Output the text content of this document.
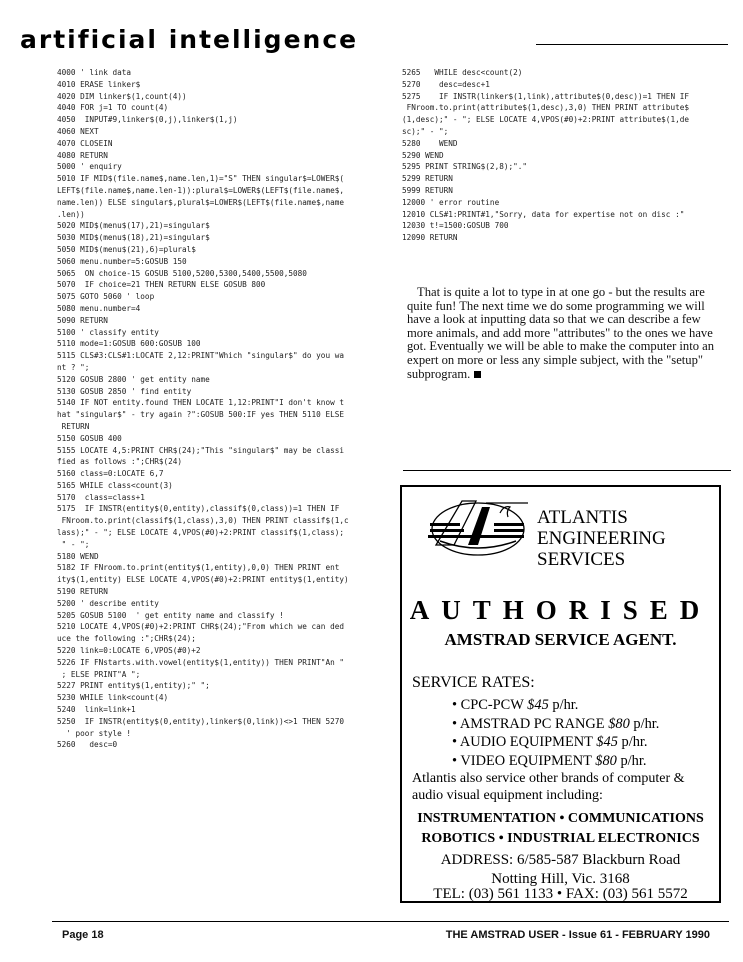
artificial intelligence
4000 ' link data
4010 ERASE linker$
4020 DIM linker$(1,count(4))
4040 FOR j=1 TO count(4)
4050  INPUT#9,linker$(0,j),linker$(1,j)
4060 NEXT
4070 CLOSEIN
4080 RETURN
5000 ' enquiry
5010 IF MID$(file.name$,name.len,1)="S" THEN singular$=LOWER$(
LEFT$(file.name$,name.len-1)):plural$=LOWER$(LEFT$(file.name$,
name.len)) ELSE singular$,plural$=LOWER$(LEFT$(file.name$,name
.len))
5020 MID$(menu$(17),21)=singular$
5030 MID$(menu$(18),21)=singular$
5050 MID$(menu$(21),6)=plural$
5060 menu.number=5:GOSUB 150
5065  ON choice-15 GOSUB 5100,5200,5300,5400,5500,5080
5070  IF choice=21 THEN RETURN ELSE GOSUB 800
5075 GOTO 5060 ' loop
5080 menu.number=4
5090 RETURN
5100 ' classify entity
5110 mode=1:GOSUB 600:GOSUB 100
5115 CLS#3:CLS#1:LOCATE 2,12:PRINT"Which "singular$" do you wa
nt ? ";
5120 GOSUB 2800 ' get entity name
5130 GOSUB 2850 ' find entity
5140 IF NOT entity.found THEN LOCATE 1,12:PRINT"I don't know t
hat "singular$" - try again ?":GOSUB 500:IF yes THEN 5110 ELSE
RETURN
5150 GOSUB 400
5155 LOCATE 4,5:PRINT CHR$(24);"This "singular$" may be classi
fied as follows :";CHR$(24)
5160 class=0:LOCATE 6,7
5165 WHILE class<count(3)
5170  class=class+1
5175  IF INSTR(entity$(0,entity),classif$(0,class))=1 THEN IF
FNroom.to.print(classif$(1,class),3,0) THEN PRINT classif$(1,c
lass);" - "; ELSE LOCATE 4,VPOS(#0)+2:PRINT classif$(1,class);
" - ";
5180 WEND
5182 IF FNroom.to.print(entity$(1,entity),0,0) THEN PRINT ent
ity$(1,entity) ELSE LOCATE 4,VPOS(#0)+2:PRINT entity$(1,entity)
5190 RETURN
5200 ' describe entity
5205 GOSUB 5100  ' get entity name and classify !
5210 LOCATE 4,VPOS(#0)+2:PRINT CHR$(24);"From which we can ded
uce the following :";CHR$(24);
5220 link=0:LOCATE 6,VPOS(#0)+2
5226 IF FNstarts.with.vowel(entity$(1,entity)) THEN PRINT"An "
; ELSE PRINT"A ";
5227 PRINT entity$(1,entity);" ";
5230 WHILE link<count(4)
5240  link=link+1
5250  IF INSTR(entity$(0,entity),linker$(0,link))<>1 THEN 5270
' poor style !
5260   desc=0
5265   WHILE desc<count(2)
5270    desc=desc+1
5275    IF INSTR(linker$(1,link),attribute$(0,desc))=1 THEN IF
FNroom.to.print(attribute$(1,desc),3,0) THEN PRINT attribute$
(1,desc);" - "; ELSE LOCATE 4,VPOS(#0)+2:PRINT attribute$(1,de
sc);" - ";
5280    WEND
5290 WEND
5295 PRINT STRING$(2,8);"."
5299 RETURN
5999 RETURN
12000 ' error routine
12010 CLS#1:PRINT#1,"Sorry, data for expertise not on disc :"
12030 t!=1500:GOSUB 700
12090 RETURN
That is quite a lot to type in at one go - but the results are quite fun! The next time we do some programming we will have a look at inputting data so that we can describe a few more animals, and add more "attributes" to the ones we have got. Eventually we will be able to make the computer into an expert on more or less any simple subject, with the "setup" subprogram.
ATLANTIS
ENGINEERING
SERVICES
AUTHORISED
AMSTRAD SERVICE AGENT.
SERVICE RATES:
• CPC-PCW $45 p/hr.
• AMSTRAD PC RANGE $80 p/hr.
• AUDIO EQUIPMENT $45 p/hr.
• VIDEO EQUIPMENT $80 p/hr.
Atlantis also service other brands of computer & audio visual equipment including:
INSTRUMENTATION • COMMUNICATIONS
ROBOTICS • INDUSTRIAL ELECTRONICS
ADDRESS: 6/585-587 Blackburn Road
Notting Hill, Vic. 3168
TEL: (03) 561 1133 • FAX: (03) 561 5572
Page 18	THE AMSTRAD USER - Issue 61 - FEBRUARY 1990
